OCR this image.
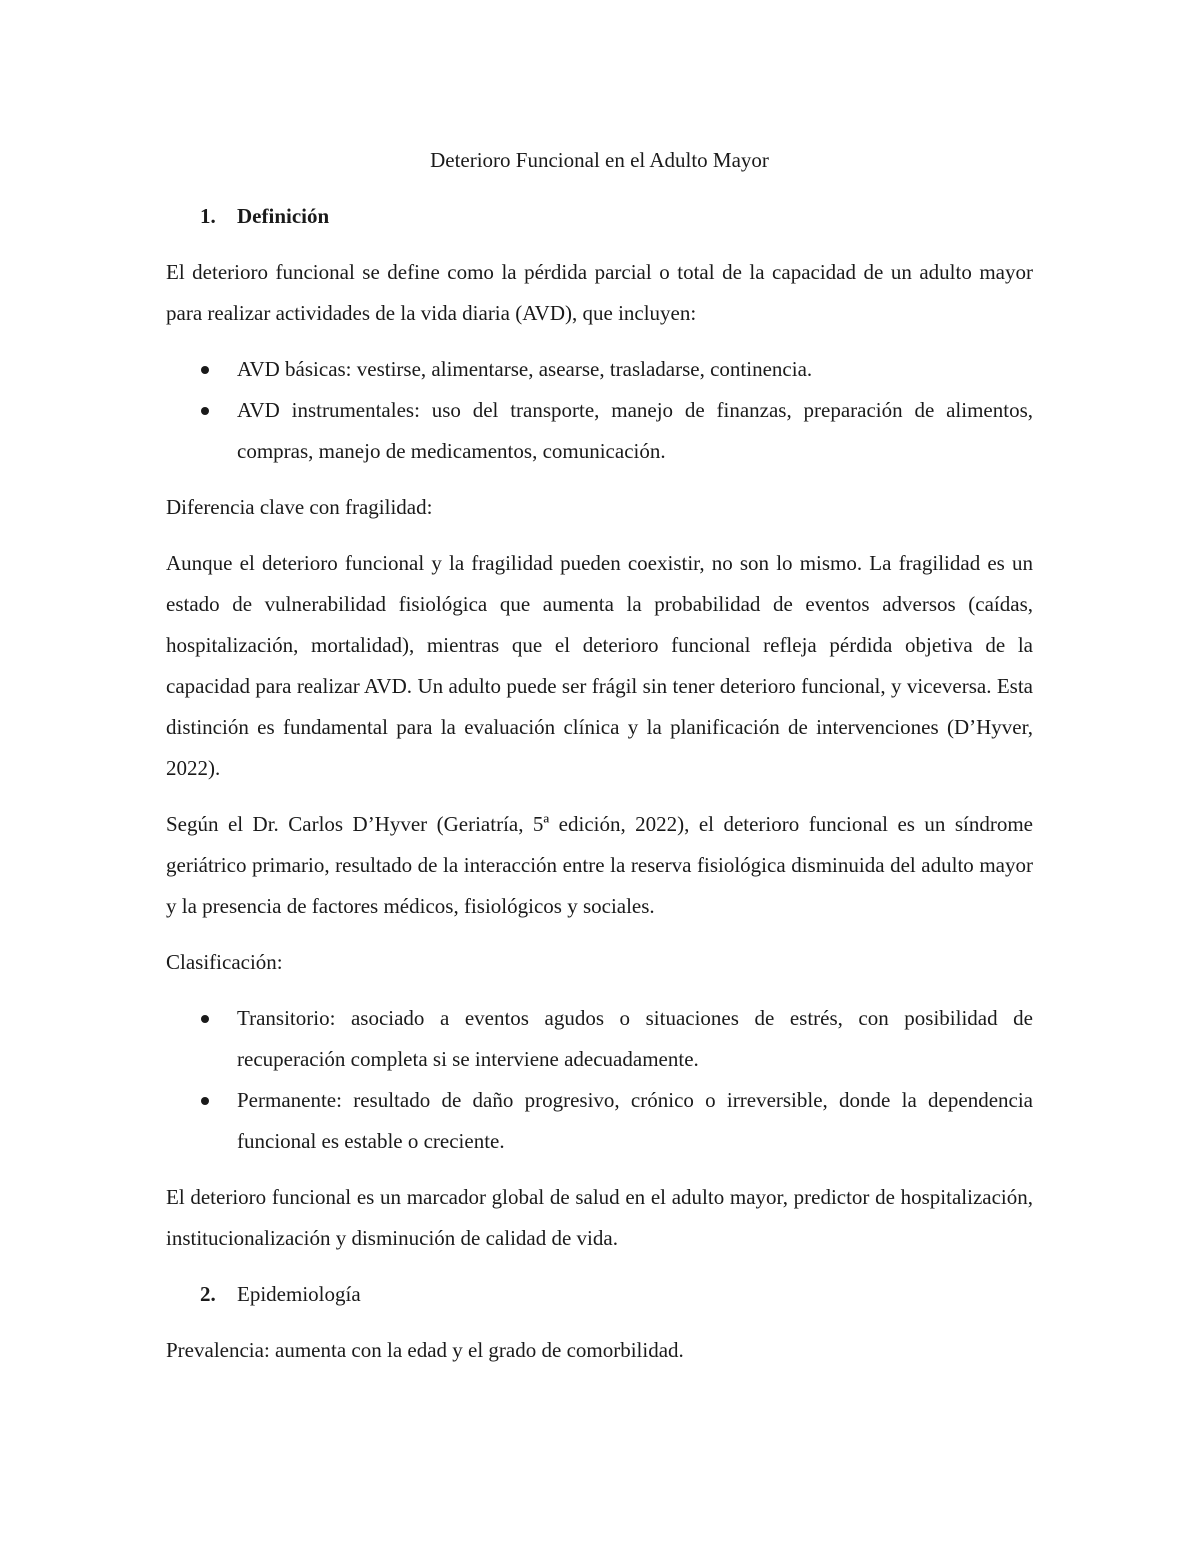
Deterioro Funcional en el Adulto Mayor
1.	Definición

El deterioro funcional se define como la pérdida parcial o total de la capacidad de un adulto mayor para realizar actividades de la vida diaria (AVD), que incluyen:

AVD básicas: vestirse, alimentarse, asearse, trasladarse, continencia.
AVD instrumentales: uso del transporte, manejo de finanzas, preparación de alimentos, compras, manejo de medicamentos, comunicación.

Diferencia clave con fragilidad:

Aunque el deterioro funcional y la fragilidad pueden coexistir, no son lo mismo. La fragilidad es un estado de vulnerabilidad fisiológica que aumenta la probabilidad de eventos adversos (caídas, hospitalización, mortalidad), mientras que el deterioro funcional refleja pérdida objetiva de la capacidad para realizar AVD. Un adulto puede ser frágil sin tener deterioro funcional, y viceversa. Esta distinción es fundamental para la evaluación clínica y la planificación de intervenciones (D’Hyver, 2022).

Según el Dr. Carlos D’Hyver (Geriatría, 5ª edición, 2022), el deterioro funcional es un síndrome geriátrico primario, resultado de la interacción entre la reserva fisiológica disminuida del adulto mayor y la presencia de factores médicos, fisiológicos y sociales.

Clasificación:

Transitorio: asociado a eventos agudos o situaciones de estrés, con posibilidad de recuperación completa si se interviene adecuadamente.
Permanente: resultado de daño progresivo, crónico o irreversible, donde la dependencia funcional es estable o creciente.

El deterioro funcional es un marcador global de salud en el adulto mayor, predictor de hospitalización, institucionalización y disminución de calidad de vida.

2.	Epidemiología

Prevalencia: aumenta con la edad y el grado de comorbilidad.
